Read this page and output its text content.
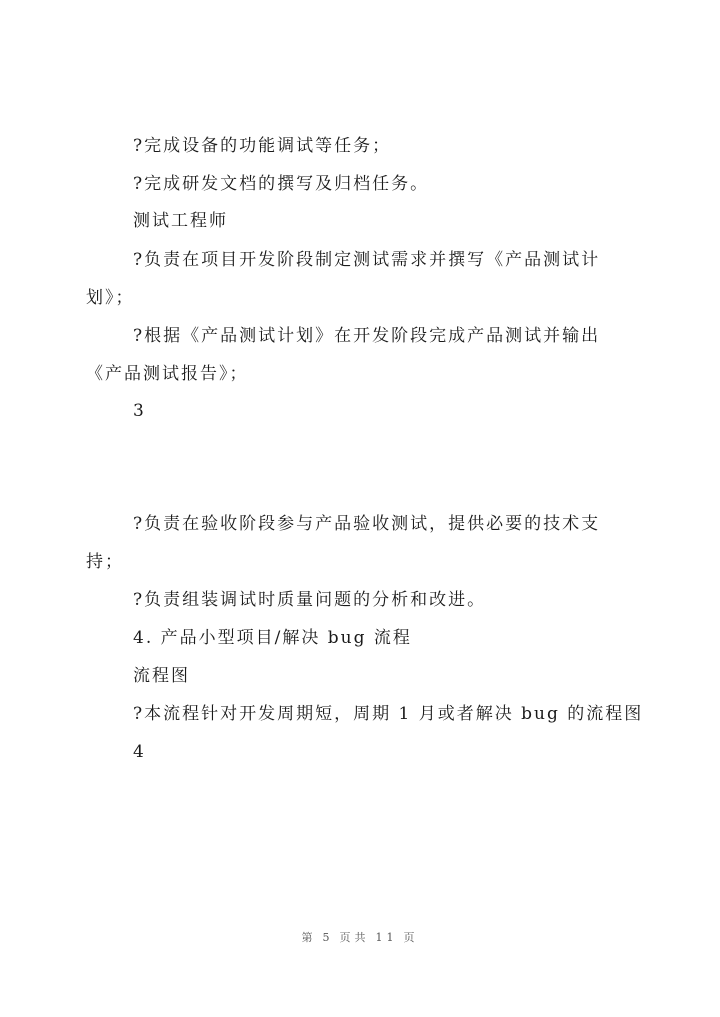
?完成设备的功能调试等任务；
?完成研发文档的撰写及归档任务。
测试工程师
?负责在项目开发阶段制定测试需求并撰写《产品测试计
划》；
?根据《产品测试计划》在开发阶段完成产品测试并输出
《产品测试报告》；
3
?负责在验收阶段参与产品验收测试，提供必要的技术支
持；
?负责组装调试时质量问题的分析和改进。
4. 产品小型项目/解决 bug 流程
流程图
?本流程针对开发周期短，周期 1 月或者解决 bug 的流程图
4
第 5 页共 11 页
